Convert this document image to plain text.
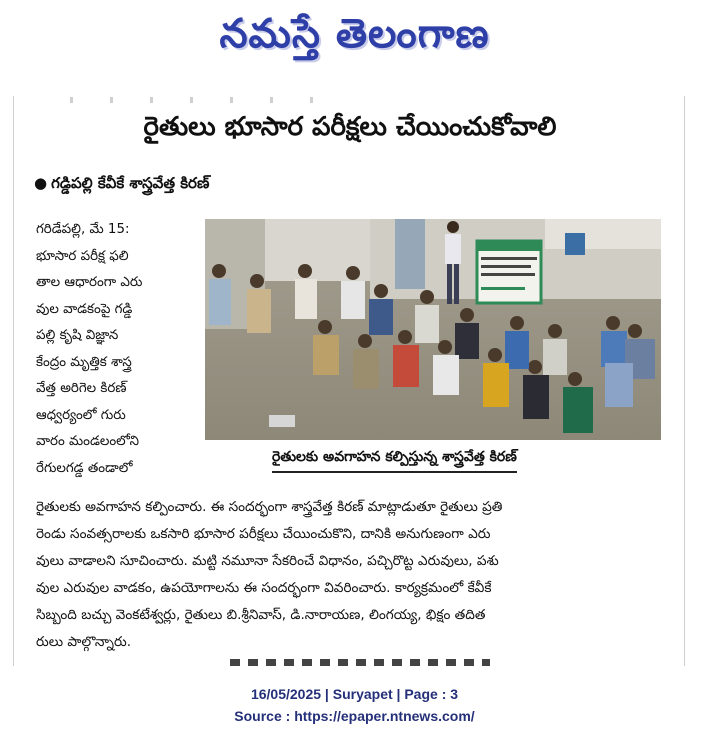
నమస్తే తెలంగాణ
రైతులు భూసార పరీక్షలు చేయించుకోవాలి
● గడ్డిపల్లి కేవీకే శాస్త్రవేత్త కిరణ్

గరిడేపల్లి, మే 15:

భూసార పరీక్ష ఫలి

తాల ఆధారంగా ఎరు

వుల వాడకంపై గడ్డి

పల్లి కృషి విజ్ఞాన

కేంద్రం మృత్తిక శాస్త్ర

వేత్త అరిగెల కిరణ్

ఆధ్వర్యంలో గురు

వారం మండలంలోని

రేగులగడ్డ తండాలో

రైతులకు అవగాహన కల్పిస్తున్న శాస్త్రవేత్త కిరణ్

రైతులకు అవగాహన కల్పించారు. ఈ సందర్భంగా శాస్త్రవేత్త కిరణ్ మాట్లాడుతూ రైతులు ప్రతి

రెండు సంవత్సరాలకు ఒకసారి భూసార పరీక్షలు చేయించుకొని, దానికి అనుగుణంగా ఎరు

వులు వాడాలని సూచించారు. మట్టి నమూనా సేకరించే విధానం, పచ్చిరొట్ట ఎరువులు, పశు

వుల ఎరువుల వాడకం, ఉపయోగాలను ఈ సందర్భంగా వివరించారు. కార్యక్రమంలో కేవీకే

సిబ్బంది బచ్చు వెంకటేశ్వర్లు, రైతులు బి.శ్రీనివాస్, డి.నారాయణ, లింగయ్య, భిక్షం తదిత

రులు పాల్గొన్నారు.

16/05/2025 | Suryapet | Page : 3
Source : https://epaper.ntnews.com/
